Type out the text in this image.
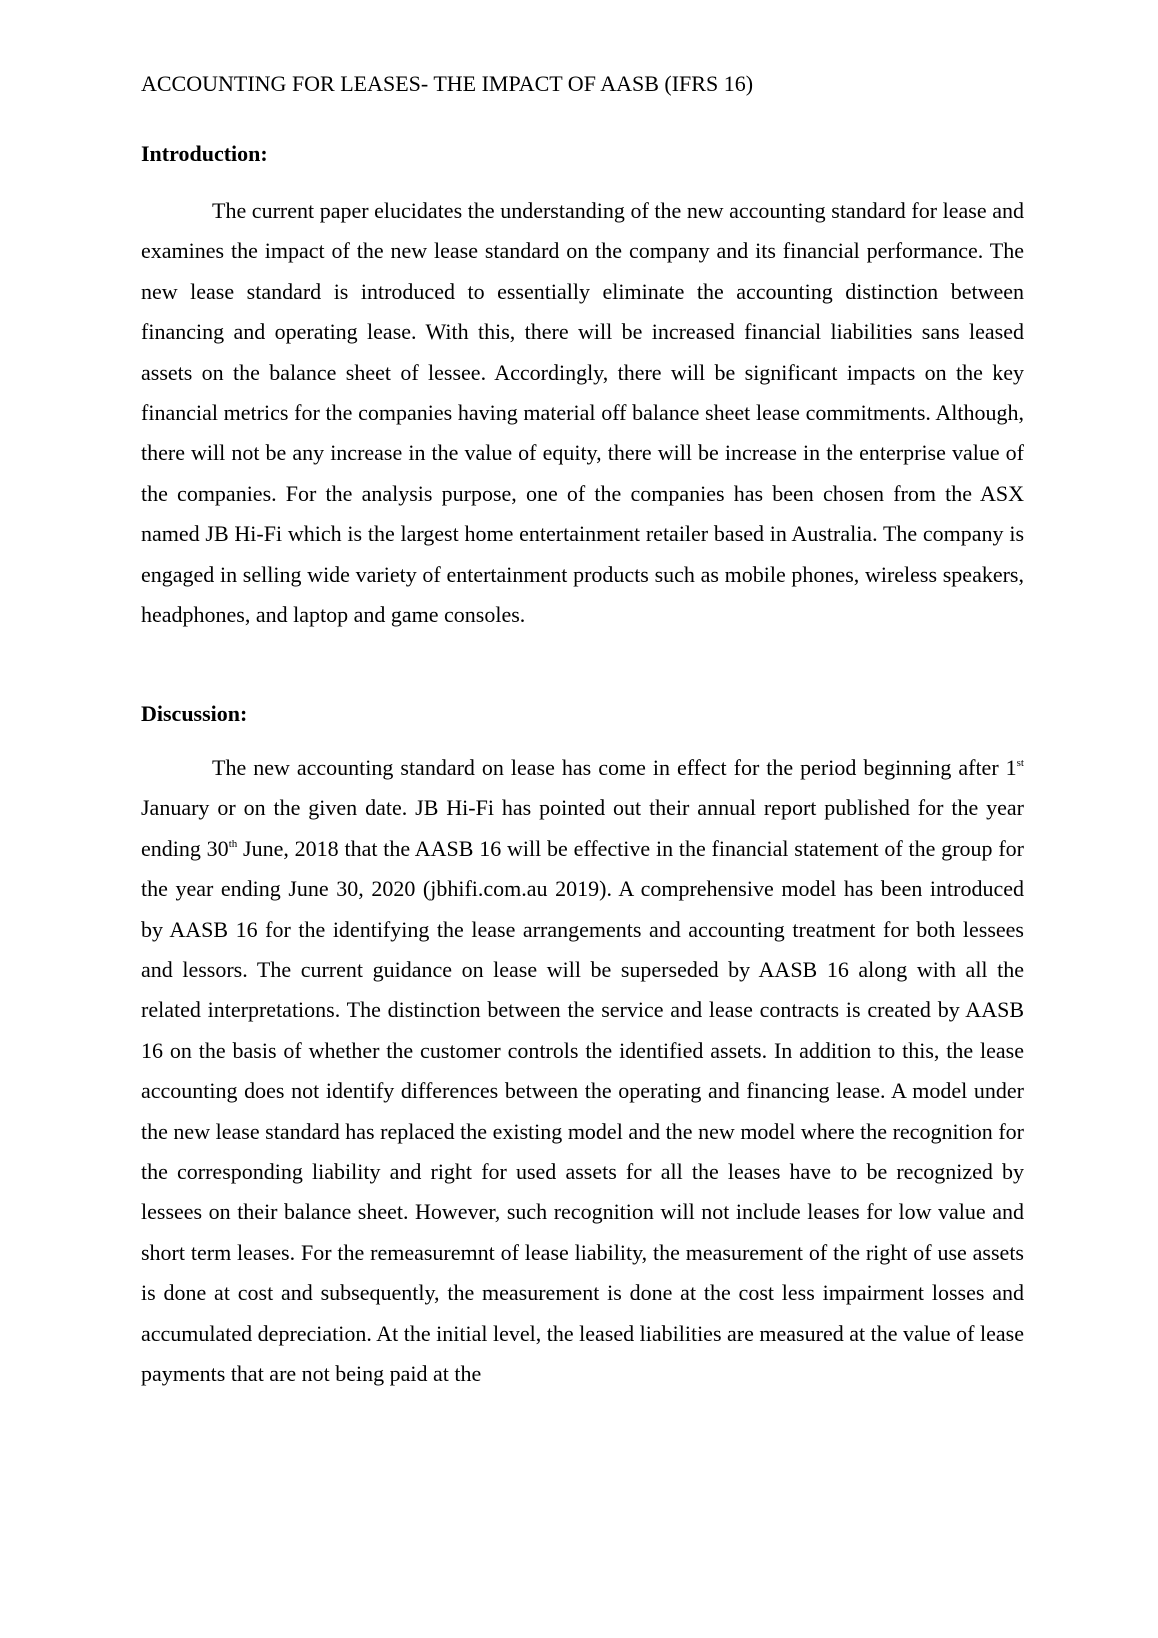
ACCOUNTING FOR LEASES- THE IMPACT OF AASB (IFRS 16)
Introduction:

The current paper elucidates the understanding of the new accounting standard for lease and examines the impact of the new lease standard on the company and its financial performance. The new lease standard is introduced to essentially eliminate the accounting distinction between financing and operating lease. With this, there will be increased financial liabilities sans leased assets on the balance sheet of lessee. Accordingly, there will be significant impacts on the key financial metrics for the companies having material off balance sheet lease commitments. Although, there will not be any increase in the value of equity, there will be increase in the enterprise value of the companies. For the analysis purpose, one of the companies has been chosen from the ASX named JB Hi-Fi which is the largest home entertainment retailer based in Australia. The company is engaged in selling wide variety of entertainment products such as mobile phones, wireless speakers, headphones, and laptop and game consoles.

Discussion:

The new accounting standard on lease has come in effect for the period beginning after 1st January or on the given date. JB Hi-Fi has pointed out their annual report published for the year ending 30th June, 2018 that the AASB 16 will be effective in the financial statement of the group for the year ending June 30, 2020 (jbhifi.com.au 2019). A comprehensive model has been introduced by AASB 16 for the identifying the lease arrangements and accounting treatment for both lessees and lessors. The current guidance on lease will be superseded by AASB 16 along with all the related interpretations. The distinction between the service and lease contracts is created by AASB 16 on the basis of whether the customer controls the identified assets. In addition to this, the lease accounting does not identify differences between the operating and financing lease. A model under the new lease standard has replaced the existing model and the new model where the recognition for the corresponding liability and right for used assets for all the leases have to be recognized by lessees on their balance sheet. However, such recognition will not include leases for low value and short term leases. For the remeasuremnt of lease liability, the measurement of the right of use assets is done at cost and subsequently, the measurement is done at the cost less impairment losses and accumulated depreciation. At the initial level, the leased liabilities are measured at the value of lease payments that are not being paid at the
